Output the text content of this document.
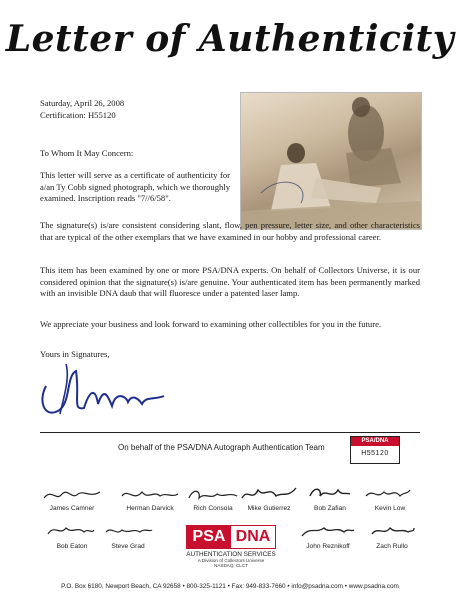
Letter of Authenticity
Saturday, April 26, 2008
Certification: H55120
To Whom It May Concern:

This letter will serve as a certificate of authenticity for a/an Ty Cobb signed photograph, which we thoroughly examined. Inscription reads "7//6/58".

The signature(s) is/are consistent considering slant, flow, pen pressure, letter size, and other characteristics that are typical of the other exemplars that we have examined in our hobby and professional career.

This item has been examined by one or more PSA/DNA experts. On behalf of Collectors Universe, it is our considered opinion that the signature(s) is/are genuine. Your authenticated item has been permanently marked with an invisible DNA daub that will fluoresce under a patented laser lamp.

We appreciate your business and look forward to examining other collectibles for you in the future.

Yours in Signatures,
On behalf of the PSA/DNA Autograph Authentication Team
PSA/DNA
H55120
James Camner	Herman Darvick	Rich Consola	Mike Gutierrez	Bob Zafian	Kevin Low
Bob Eaton	Steve Grad	John Reznikoff	Zach Rullo
PSA DNA
AUTHENTICATION SERVICES
A Division of Collectors Universe
NASDAQ: CLCT
P.O. Box 6180, Newport Beach, CA 92658 • 800-325-1121 • Fax: 949-833-7660 • info@psadna.com • www.psadna.com
